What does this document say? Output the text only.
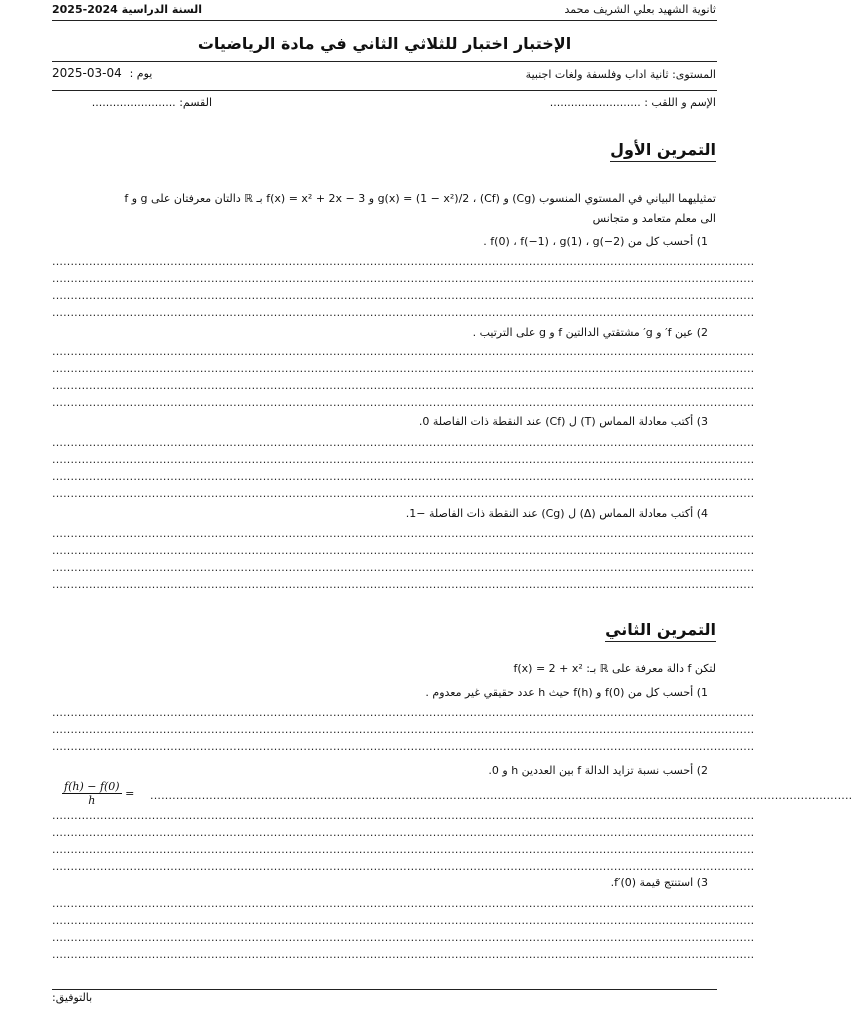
ثانوية الشهيد بعلي الشريف محمد
السنة الدراسية 2024-2025
الإختبار اختبار للثلاثي الثاني في مادة الرياضيات
المستوى: ثانية اداب وفلسفة ولغات اجنبية
2025-03-04 يوم :
الإسم و اللقب : ..........................
القسم: ........................
التمرين الأول
f و g دالتان معرفتان على ℝ بـ f(x) = x² + 2x − 3 و g(x) = (1 − x²)/2 ، (Cf) و (Cg) تمثيليهما البياني في المستوي المنسوب
الى معلم متعامد و متجانس
1) أحسب كل من f(0) ، f(−1) ، g(1) ، g(−2) .
..............................................................................................................................................................................................
..............................................................................................................................................................................................
..............................................................................................................................................................................................
..............................................................................................................................................................................................
2) عين f′ و g′ مشتقتي الدالتين f و g على الترتيب .
..............................................................................................................................................................................................
..............................................................................................................................................................................................
..............................................................................................................................................................................................
..............................................................................................................................................................................................
3) أكتب معادلة المماس (T) ل (Cf) عند النقطة ذات الفاصلة 0.
..............................................................................................................................................................................................
..............................................................................................................................................................................................
..............................................................................................................................................................................................
..............................................................................................................................................................................................
4) أكتب معادلة المماس (Δ) ل (Cg) عند النقطة ذات الفاصلة −1.
..............................................................................................................................................................................................
..............................................................................................................................................................................................
..............................................................................................................................................................................................
..............................................................................................................................................................................................
التمرين الثاني
لتكن f دالة معرفة على ℝ بـ: f(x) = 2 + x²
1) أحسب كل من f(0) و f(h) حيث h عدد حقيقي غير معدوم .
..............................................................................................................................................................................................
..............................................................................................................................................................................................
..............................................................................................................................................................................................
2) أحسب نسبة تزايد الدالة f بين العددين h و 0.
$\frac{f(h) - f(0)}{h}$ = ..............................................................................................................................................................................................
..............................................................................................................................................................................................
..............................................................................................................................................................................................
..............................................................................................................................................................................................
..............................................................................................................................................................................................
3) استنتج قيمة f′(0).
..............................................................................................................................................................................................
..............................................................................................................................................................................................
..............................................................................................................................................................................................
..............................................................................................................................................................................................
بالتوفيق:
